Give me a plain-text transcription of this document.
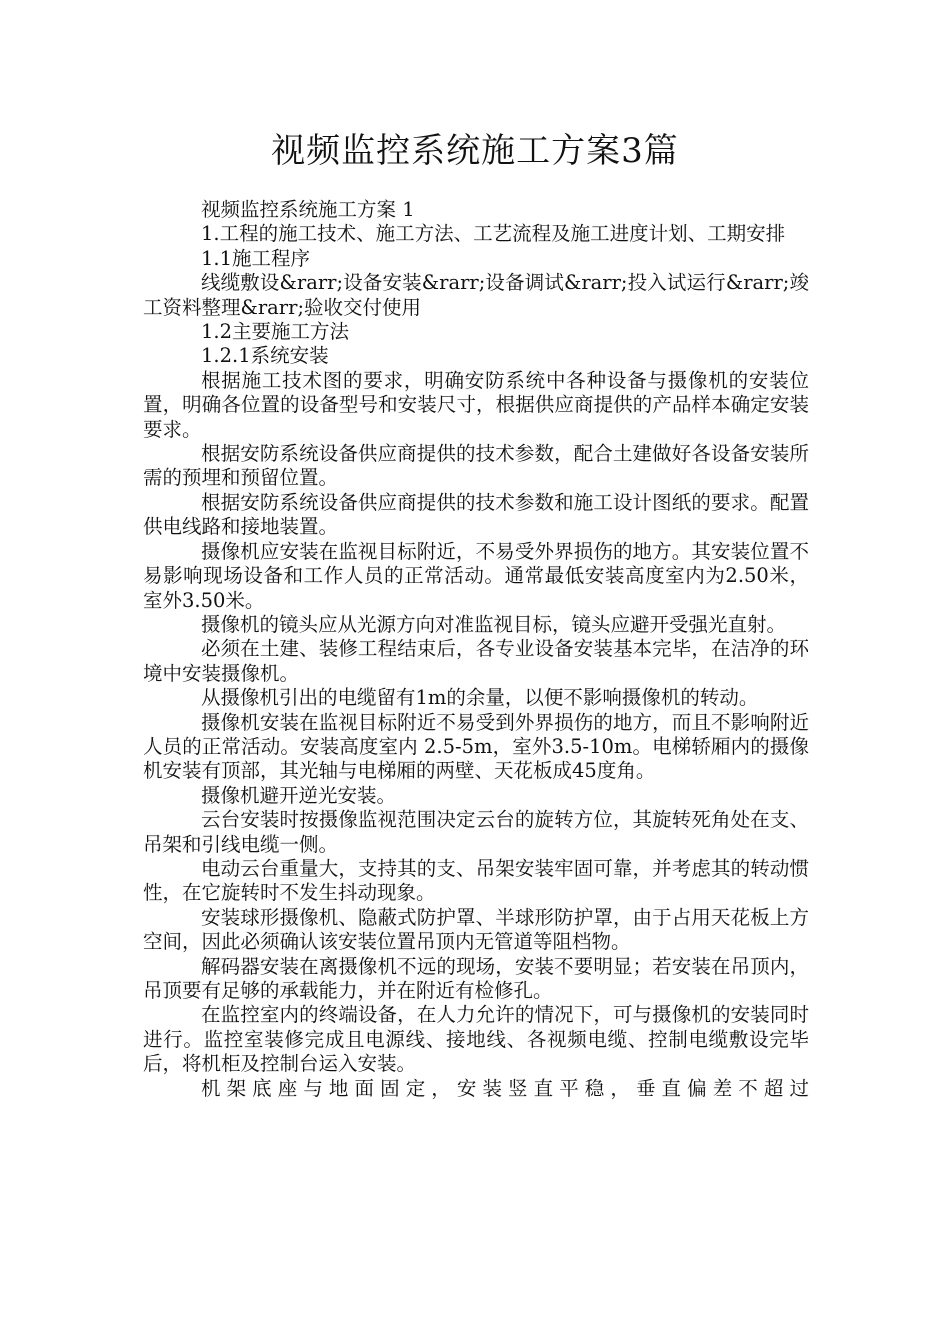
视频监控系统施工方案3篇

视频监控系统施工方案 1

1.工程的施工技术、施工方法、工艺流程及施工进度计划、工期安排

1.1施工程序

线缆敷设&rarr;设备安装&rarr;设备调试&rarr;投入试运行&rarr;竣工资料整理&rarr;验收交付使用

1.2主要施工方法

1.2.1系统安装

根据施工技术图的要求，明确安防系统中各种设备与摄像机的安装位置，明确各位置的设备型号和安装尺寸，根据供应商提供的产品样本确定安装要求。

根据安防系统设备供应商提供的技术参数，配合土建做好各设备安装所需的预埋和预留位置。

根据安防系统设备供应商提供的技术参数和施工设计图纸的要求。配置供电线路和接地装置。

摄像机应安装在监视目标附近，不易受外界损伤的地方。其安装位置不易影响现场设备和工作人员的正常活动。通常最低安装高度室内为2.50米，室外3.50米。

摄像机的镜头应从光源方向对准监视目标，镜头应避开受强光直射。

必须在土建、装修工程结束后，各专业设备安装基本完毕，在洁净的环境中安装摄像机。

从摄像机引出的电缆留有1m的余量，以便不影响摄像机的转动。

摄像机安装在监视目标附近不易受到外界损伤的地方，而且不影响附近人员的正常活动。安装高度室内 2.5-5m，室外3.5-10m。电梯轿厢内的摄像机安装有顶部，其光轴与电梯厢的两壁、天花板成45度角。

摄像机避开逆光安装。

云台安装时按摄像监视范围决定云台的旋转方位，其旋转死角处在支、吊架和引线电缆一侧。

电动云台重量大，支持其的支、吊架安装牢固可靠，并考虑其的转动惯性，在它旋转时不发生抖动现象。

安装球形摄像机、隐蔽式防护罩、半球形防护罩，由于占用天花板上方空间，因此必须确认该安装位置吊顶内无管道等阻档物。

解码器安装在离摄像机不远的现场，安装不要明显；若安装在吊顶内，吊顶要有足够的承载能力，并在附近有检修孔。

在监控室内的终端设备，在人力允许的情况下，可与摄像机的安装同时进行。监控室装修完成且电源线、接地线、各视频电缆、控制电缆敷设完毕后，将机柜及控制台运入安装。

机架底座与地面固定，安装竖直平稳，垂直偏差不超过
